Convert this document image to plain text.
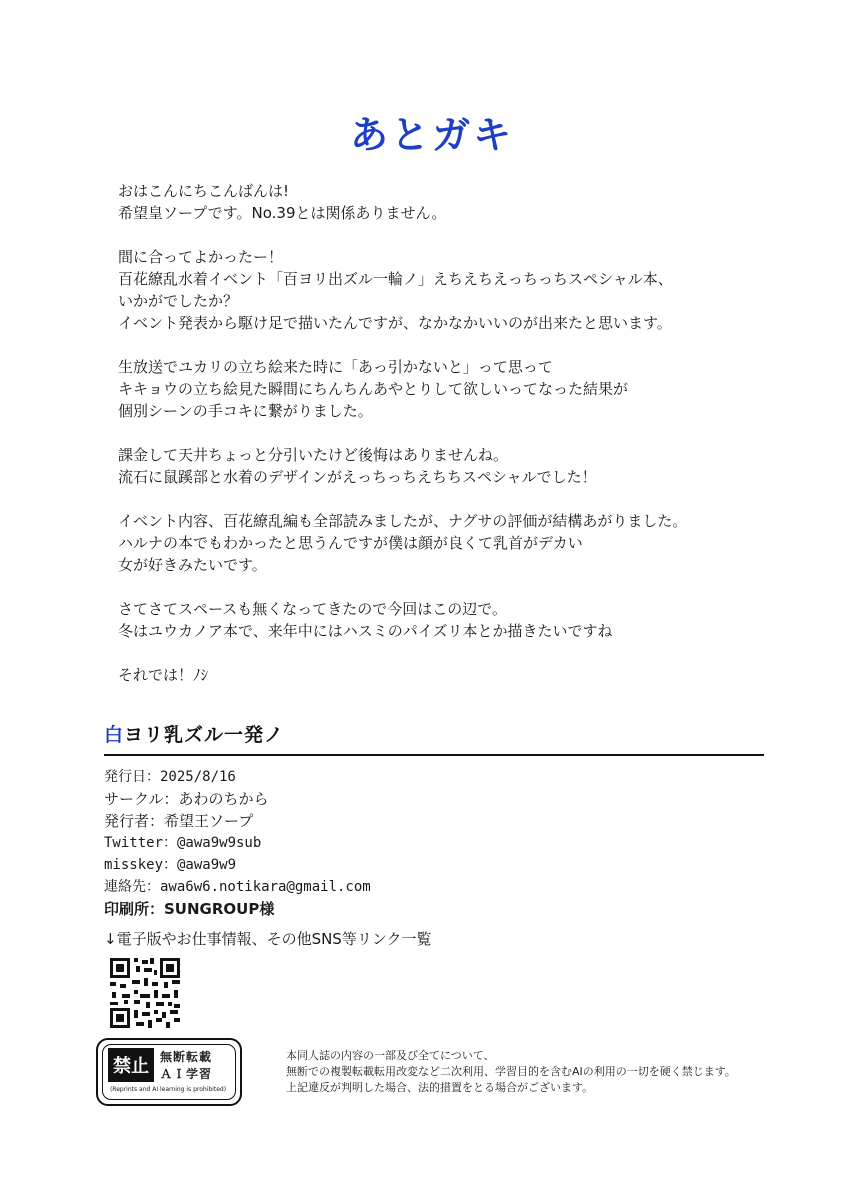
あとガキ
おはこんにちこんばんは!
希望皇ソープです。No.39とは関係ありません。
間に合ってよかったー！
百花繚乱水着イベント「百ヨリ出ズル一輪ノ」えちえちえっちっちスペシャル本、
いかがでしたか？
イベント発表から駆け足で描いたんですが、なかなかいいのが出来たと思います。
生放送でユカリの立ち絵来た時に「あっ引かないと」って思って
キキョウの立ち絵見た瞬間にちんちんあやとりして欲しいってなった結果が
個別シーンの手コキに繋がりました。
課金して天井ちょっと分引いたけど後悔はありませんね。
流石に鼠蹊部と水着のデザインがえっちっちえちちスペシャルでした！
イベント内容、百花繚乱編も全部読みましたが、ナグサの評価が結構あがりました。
ハルナの本でもわかったと思うんですが僕は顔が良くて乳首がデカい
女が好きみたいです。
さてさてスペースも無くなってきたので今回はこの辺で。
冬はユウカノア本で、来年中にはハスミのパイズリ本とか描きたいですね
それでは！ﾉｼ
白ヨリ乳ズル一発ノ
発行日：2025/8/16
サークル：あわのちから
発行者：希望王ソープ
Twitter：@awa9w9sub
misskey：@awa9w9
連絡先：awa6w6.notikara@gmail.com
印刷所：SUNGROUP様
↓電子版やお仕事情報、その他SNS等リンク一覧
禁止 無断転載
ＡＩ学習
(Reprints and AI learning is prohibited)
本同人誌の内容の一部及び全てについて、
無断での複製転載転用改変など二次利用、学習目的を含むAIの利用の一切を硬く禁じます。
上記違反が判明した場合、法的措置をとる場合がございます。
